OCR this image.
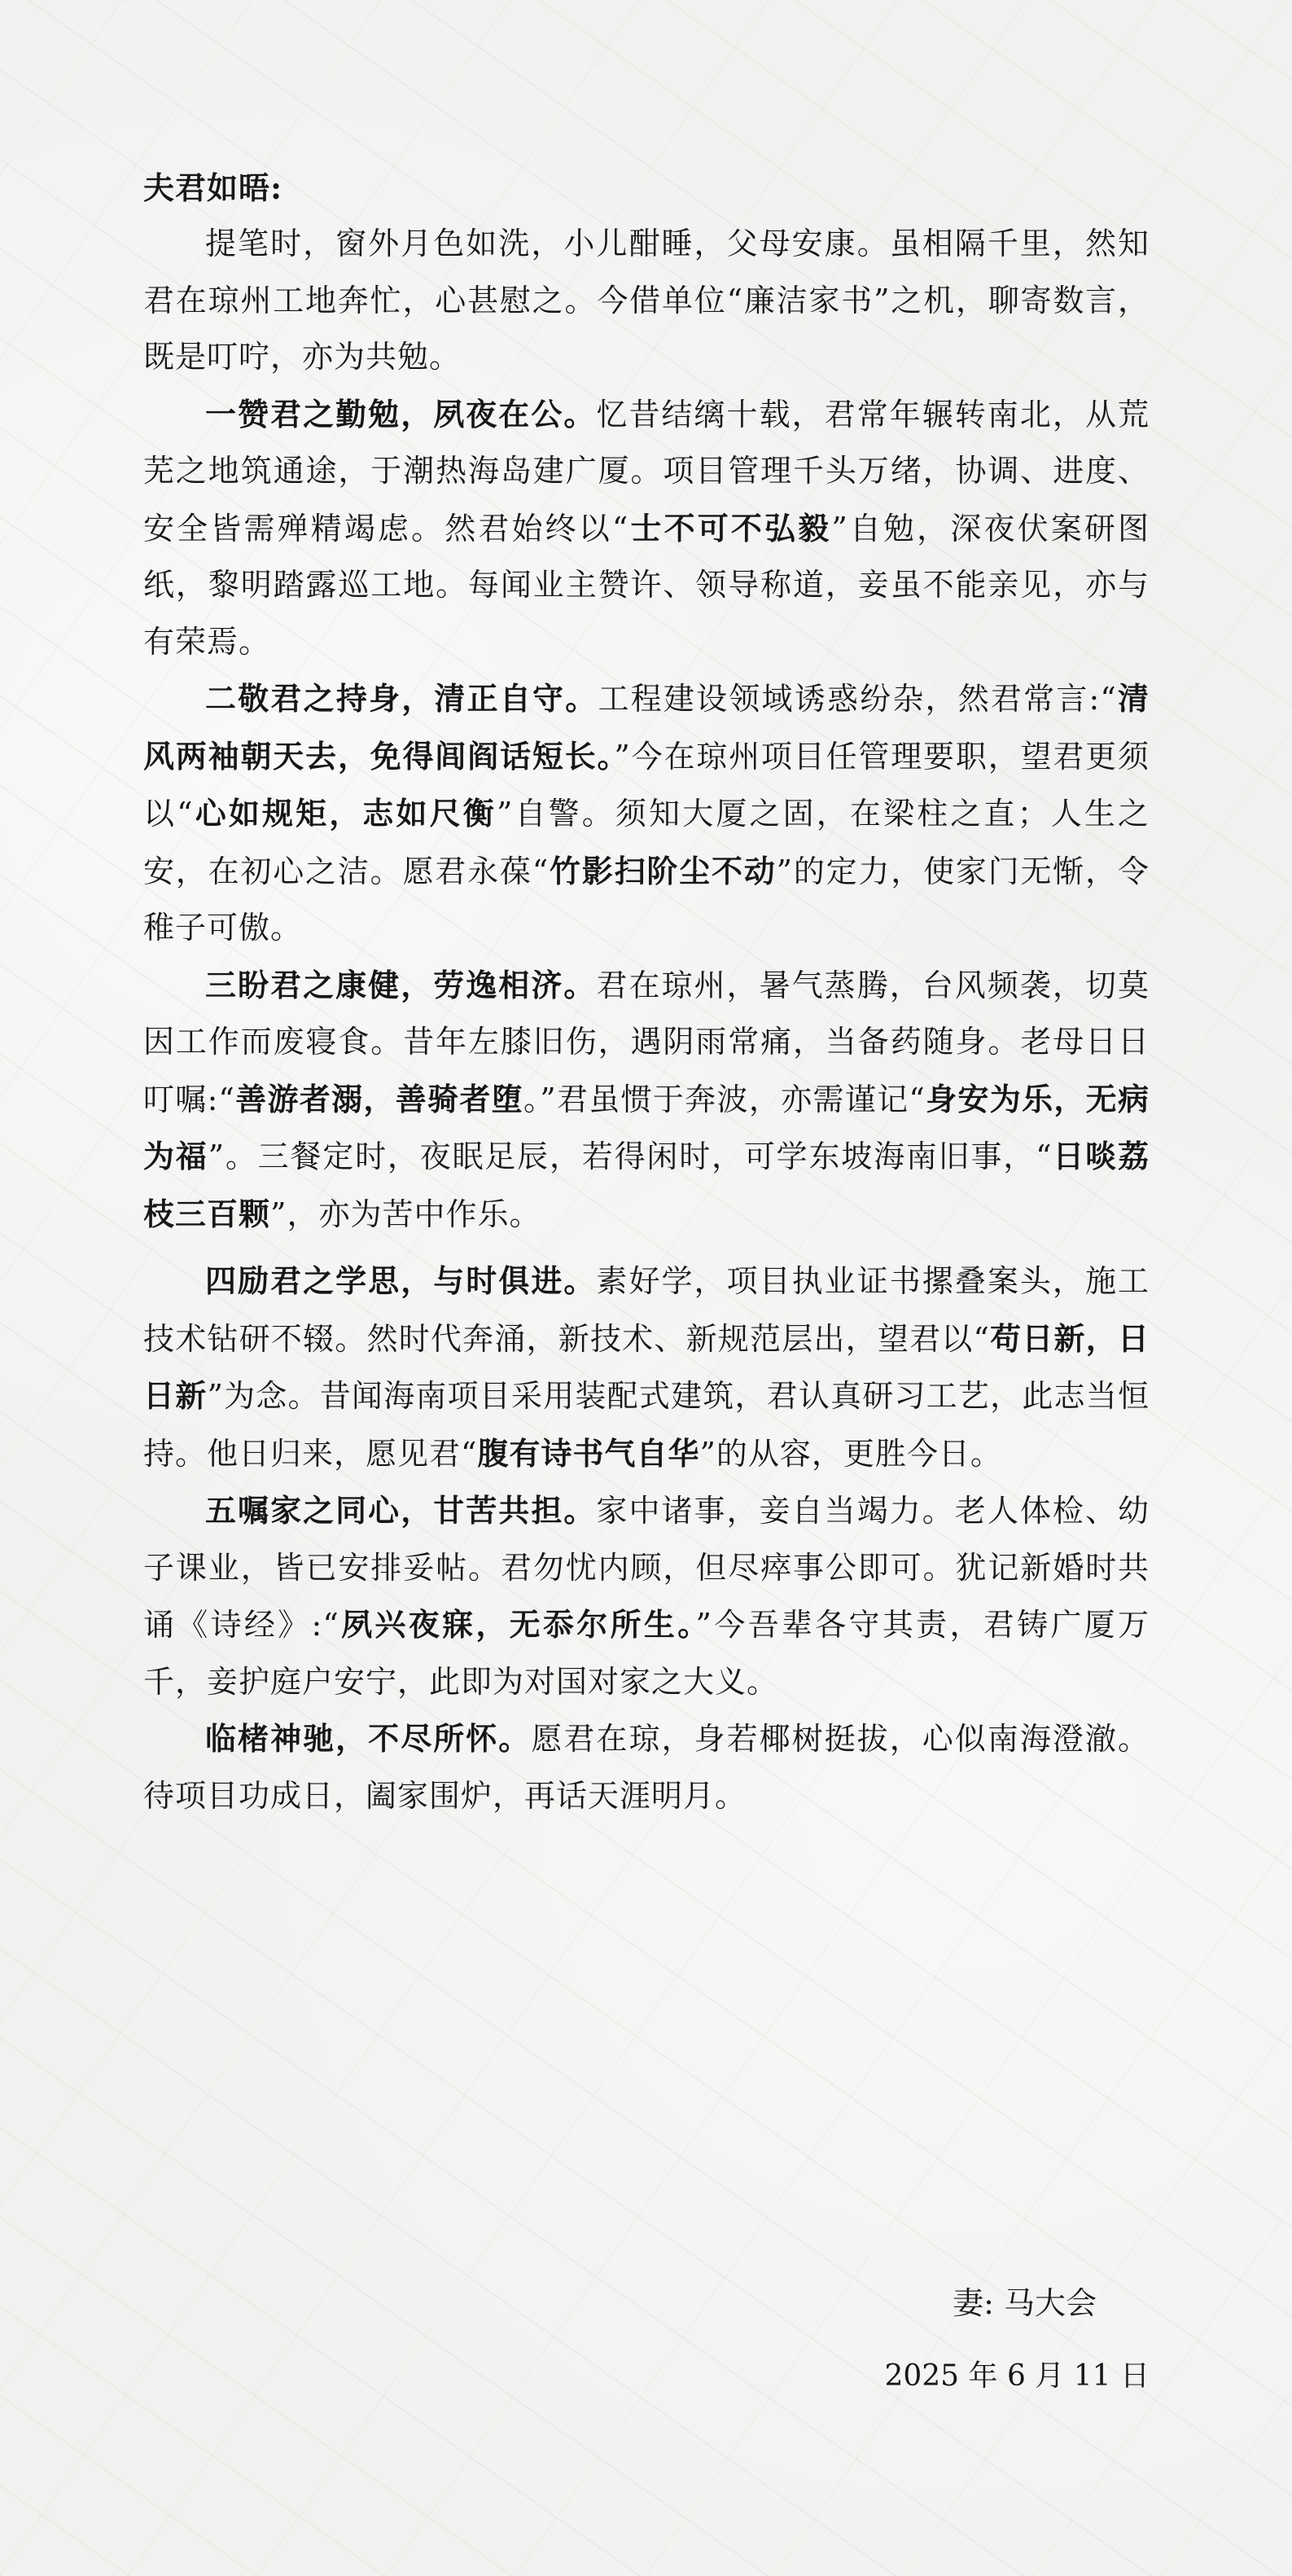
夫君如晤:

提笔时，窗外月色如洗，小儿酣睡，父母安康。虽相隔千里，然知君在琼州工地奔忙，心甚慰之。今借单位“廉洁家书”之机，聊寄数言，既是叮咛，亦为共勉。

一赞君之勤勉，夙夜在公。忆昔结缡十载，君常年辗转南北，从荒芜之地筑通途，于潮热海岛建广厦。项目管理千头万绪，协调、进度、安全皆需殚精竭虑。然君始终以“士不可不弘毅”自勉，深夜伏案研图纸，黎明踏露巡工地。每闻业主赞许、领导称道，妾虽不能亲见，亦与有荣焉。

二敬君之持身，清正自守。工程建设领域诱惑纷杂，然君常言:“清风两袖朝天去，免得闾阎话短长。”今在琼州项目任管理要职，望君更须以“心如规矩，志如尺衡”自警。须知大厦之固，在梁柱之直；人生之安，在初心之洁。愿君永葆“竹影扫阶尘不动”的定力，使家门无惭，令稚子可傲。

三盼君之康健，劳逸相济。君在琼州，暑气蒸腾，台风频袭，切莫因工作而废寝食。昔年左膝旧伤，遇阴雨常痛，当备药随身。老母日日叮嘱:“善游者溺，善骑者堕。”君虽惯于奔波，亦需谨记“身安为乐，无病为福”。三餐定时，夜眠足辰，若得闲时，可学东坡海南旧事，“日啖荔枝三百颗”，亦为苦中作乐。

四励君之学思，与时俱进。素好学，项目执业证书摞叠案头，施工技术钻研不辍。然时代奔涌，新技术、新规范层出，望君以“苟日新，日日新”为念。昔闻海南项目采用装配式建筑，君认真研习工艺，此志当恒持。他日归来，愿见君“腹有诗书气自华”的从容，更胜今日。

五嘱家之同心，甘苦共担。家中诸事，妾自当竭力。老人体检、幼子课业，皆已安排妥帖。君勿忧内顾，但尽瘁事公即可。犹记新婚时共诵《诗经》:“夙兴夜寐，无忝尔所生。”今吾辈各守其责，君铸广厦万千，妾护庭户安宁，此即为对国对家之大义。

临楮神驰，不尽所怀。愿君在琼，身若椰树挺拔，心似南海澄澈。待项目功成日，阖家围炉，再话天涯明月。

妻: 马大会

2025 年 6 月 11 日
